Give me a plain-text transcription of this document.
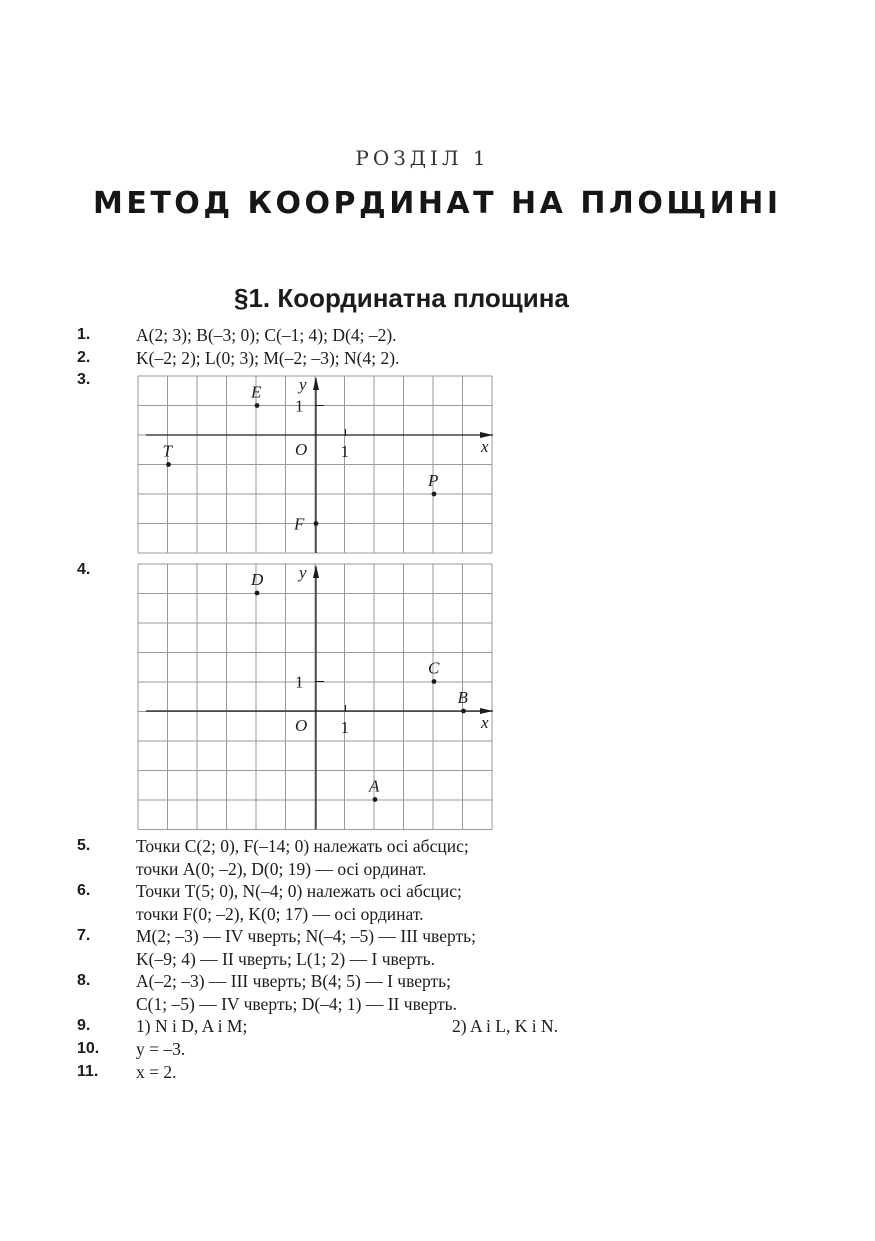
РОЗДІЛ 1
МЕТОД КООРДИНАТ НА ПЛОЩИНІ
§1. Координатна площина
1.
2.
3.
4.
5.
6.
7.
8.
9.
10.
11.
A(2; 3); B(–3; 0); C(–1; 4); D(4; –2).
K(–2; 2); L(0; 3); M(–2; –3); N(4; 2).
Точки C(2; 0), F(–14; 0) належать осі абсцис;
точки A(0; –2), D(0; 19) — осі ординат.
Точки T(5; 0), N(–4; 0) належать осі абсцис;
точки F(0; –2), K(0; 17) — осі ординат.
M(2; –3) — IV чверть; N(–4; –5) — III чверть;
K(–9; 4) — II чверть; L(1; 2) — I чверть.
A(–2; –3) — III чверть; B(4; 5) — I чверть;
C(1; –5) — IV чверть; D(–4; 1) — II чверть.
1) N і D, A і M;	2) A і L, K і N.
y = –3.
x = 2.
x
y
O 1
1
E
T
P
F
x
y
O 1
1
D
C
B
A
